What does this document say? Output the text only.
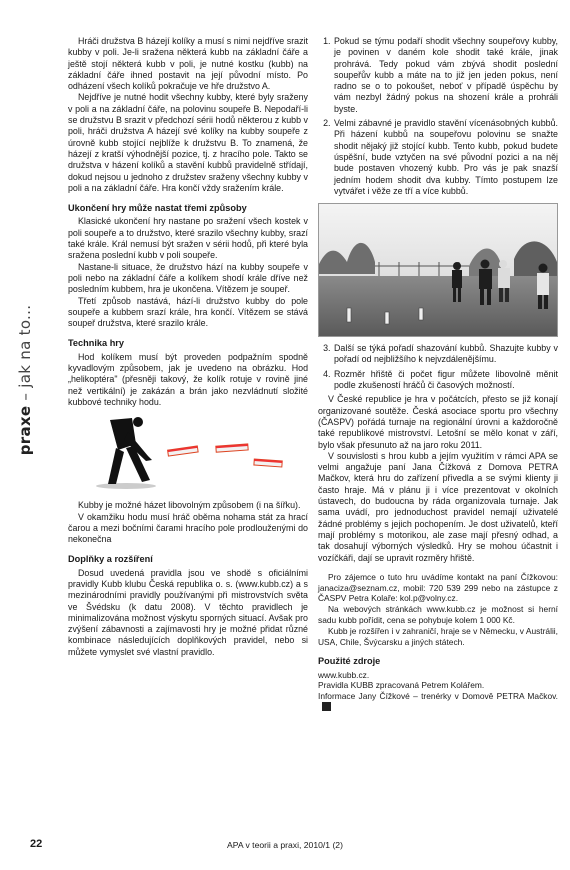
praxe – jak na to...

Hráči družstva B házejí kolíky a musí s nimi nejdříve srazit kubby v poli. Je-li sražena některá kubb na základní čáře a ještě stojí některá kubb v poli, je nutné kostku (kubb) na základní čáře ihned postavit na její původní místo. Po odházení všech kolíků pokračuje ve hře družstvo A.

Nejdříve je nutné hodit všechny kubby, které byly sraženy v poli a na základní čáře, na polovinu soupeře B. Nepodaří-li se družstvu B srazit v předchozí sérii hodů některou z kubb v poli, hráči družstva A házejí své kolíky na kubby soupeře z úrovně kubb stojící nejblíže k družstvu B. To znamená, že házejí z kratší výhodnější pozice, tj. z hracího pole. Takto se družstva v házení kolíků a stavění kubbů pravidelně střídají, dokud nejsou u jednoho z družstev sraženy všechny kubby v poli a na základní čáře. Hra končí vždy sražením krále.

Ukončení hry může nastat třemi způsoby

Klasické ukončení hry nastane po sražení všech kostek v poli soupeře a to družstvo, které srazilo všechny kubby, srazí také krále. Král nemusí být sražen v sérii hodů, při které byla sražena poslední kubb v poli soupeře.

Nastane-li situace, že družstvo hází na kubby soupeře v poli nebo na základní čáře a kolíkem shodí krále dříve než posledním kubbem, hra je ukončena. Vítězem je soupeř.

Třetí způsob nastává, hází-li družstvo kubby do pole soupeře a kubbem srazí krále, hra končí. Vítězem se stává soupeř družstva, které srazilo krále.

Technika hry

Hod kolíkem musí být proveden podpažním spodně kyvadlovým způsobem, jak je uvedeno na obrázku. Hod „helikoptéra" (přesněji takový, že kolík rotuje v rovině jiné než vertikální) je zakázán a brán jako nezvládnutí složité kubbové techniky hodu.

Kubby je možné házet libovolným způsobem (i na šířku).

V okamžiku hodu musí hráč oběma nohama stát za hrací čarou a mezi bočními čarami hracího pole prodlouženými do nekonečna

Doplňky a rozšíření

Dosud uvedená pravidla jsou ve shodě s oficiálními pravidly Kubb klubu Česká republika o. s. (www.kubb.cz) a s mezinárodními pravidly používanými při mistrovstvích světa ve Švédsku (k datu 2008). V těchto pravidlech je minimalizována možnost výskytu sporných situací. Avšak pro zvýšení zábavnosti a zajímavosti hry je možné přidat různé kombinace následujících doplňkových pravidel, nebo si můžete vymyslet své vlastní pravidlo.

1. Pokud se týmu podaří shodit všechny soupeřovy kubby, je povinen v daném kole shodit také krále, jinak prohrává. Tedy pokud vám zbývá shodit poslední soupeřův kubb a máte na to již jen jeden pokus, není radno se o to pokoušet, neboť v případě úspěchu by vám nezbyl žádný pokus na shození krále a prohráli byste.
2. Velmi zábavné je pravidlo stavění vícenásobných kubbů. Při házení kubbů na soupeřovu polovinu se snažte shodit nějaký již stojící kubb. Tento kubb, pokud budete úspěšní, bude vztyčen na své původní pozici a na něj bude postaven vhozený kubb. Pro vás je pak snazší jedním hodem shodit dva kubby. Tímto postupem lze vytvářet i věže ze tří a více kubbů.
3. Další se týká pořadí shazování kubbů. Shazujte kubby v pořadí od nejbližšího k nejvzdálenějšímu.
4. Rozměr hřiště či počet figur můžete libovolně měnit podle zkušeností hráčů či časových možností.

V České republice je hra v počátcích, přesto se již konají organizované soutěže. Česká asociace sportu pro všechny (ČASPV) pořádá turnaje na regionální úrovni a každoročně také republikové mistrovství. Letošní se mělo konat v září, bylo však přesunuto až na jaro roku 2011.

V souvislosti s hrou kubb a jejím využitím v rámci APA se velmi angažuje paní Jana Čížková z Domova PETRA Mačkov, která hru do zařízení přivedla a se svými klienty ji často hraje. Má v plánu ji i více prezentovat v okolních ústavech, do budoucna by ráda organizovala turnaje. Jak sama uvádí, pro jednoduchost pravidel nemají uživatelé žádné problémy s jejich pochopením. Je dost uživatelů, kteří mají problémy s motorikou, ale zase mají přesný odhad, a tak dosahují výborných výsledků. Hry se mohou účastnit i vozíčkáři, dají se upravit rozměry hřiště.

Pro zájemce o tuto hru uvádíme kontakt na paní Čížkovou: janaciza@seznam.cz, mobil: 720 539 299 nebo na zástupce z ČASPV Petra Kolaře: kol.p@volny.cz.

Na webových stránkách www.kubb.cz je možnost si herní sadu kubb pořídit, cena se pohybuje kolem 1 000 Kč.

Kubb je rozšířen i v zahraničí, hraje se v Německu, v Austrálii, USA, Chile, Švýcarsku a jiných státech.

Použité zdroje

www.kubb.cz.

Pravidla KUBB zpracovaná Petrem Kolářem.

Informace Jany Čížkové – trenérky v Domově PETRA Mačkov.

22	APA v teorii a praxi, 2010/1 (2)
